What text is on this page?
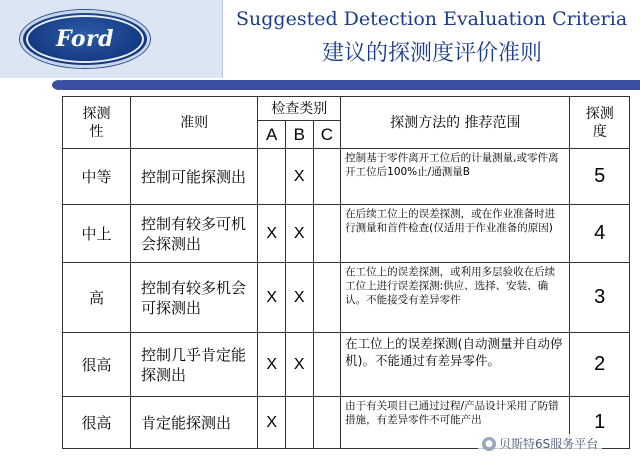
Ford
Suggested Detection Evaluation Criteria
建议的探测度评价准则
探测性	准则	检查类别			探测方法的 推荐范围	探测度
		A	B	C		
中等	控制可能探测出		X		控制基于零件离开工位后的计量测量,或零件离开工位后100%止/通测量B	5
中上	控制有较多可机会探测出	X	X		在后续工位上的误差探测，或在作业准备时进行测量和首件检查(仅适用于作业准备的原因)	4
高	控制有较多机会可探测出	X	X		在工位上的误差探测，或利用多层验收在后续工位上进行误差探测:供应、选择、安装、确认。不能接受有差异零件	3
很高	控制几乎肯定能探测出	X	X		在工位上的误差探测(自动测量并自动停机)。不能通过有差异零件。	2
很高	肯定能探测出	X			由于有关项目已通过过程/产品设计采用了防错措施，有差异零件不可能产出	1
● 贝斯特6S服务平台
